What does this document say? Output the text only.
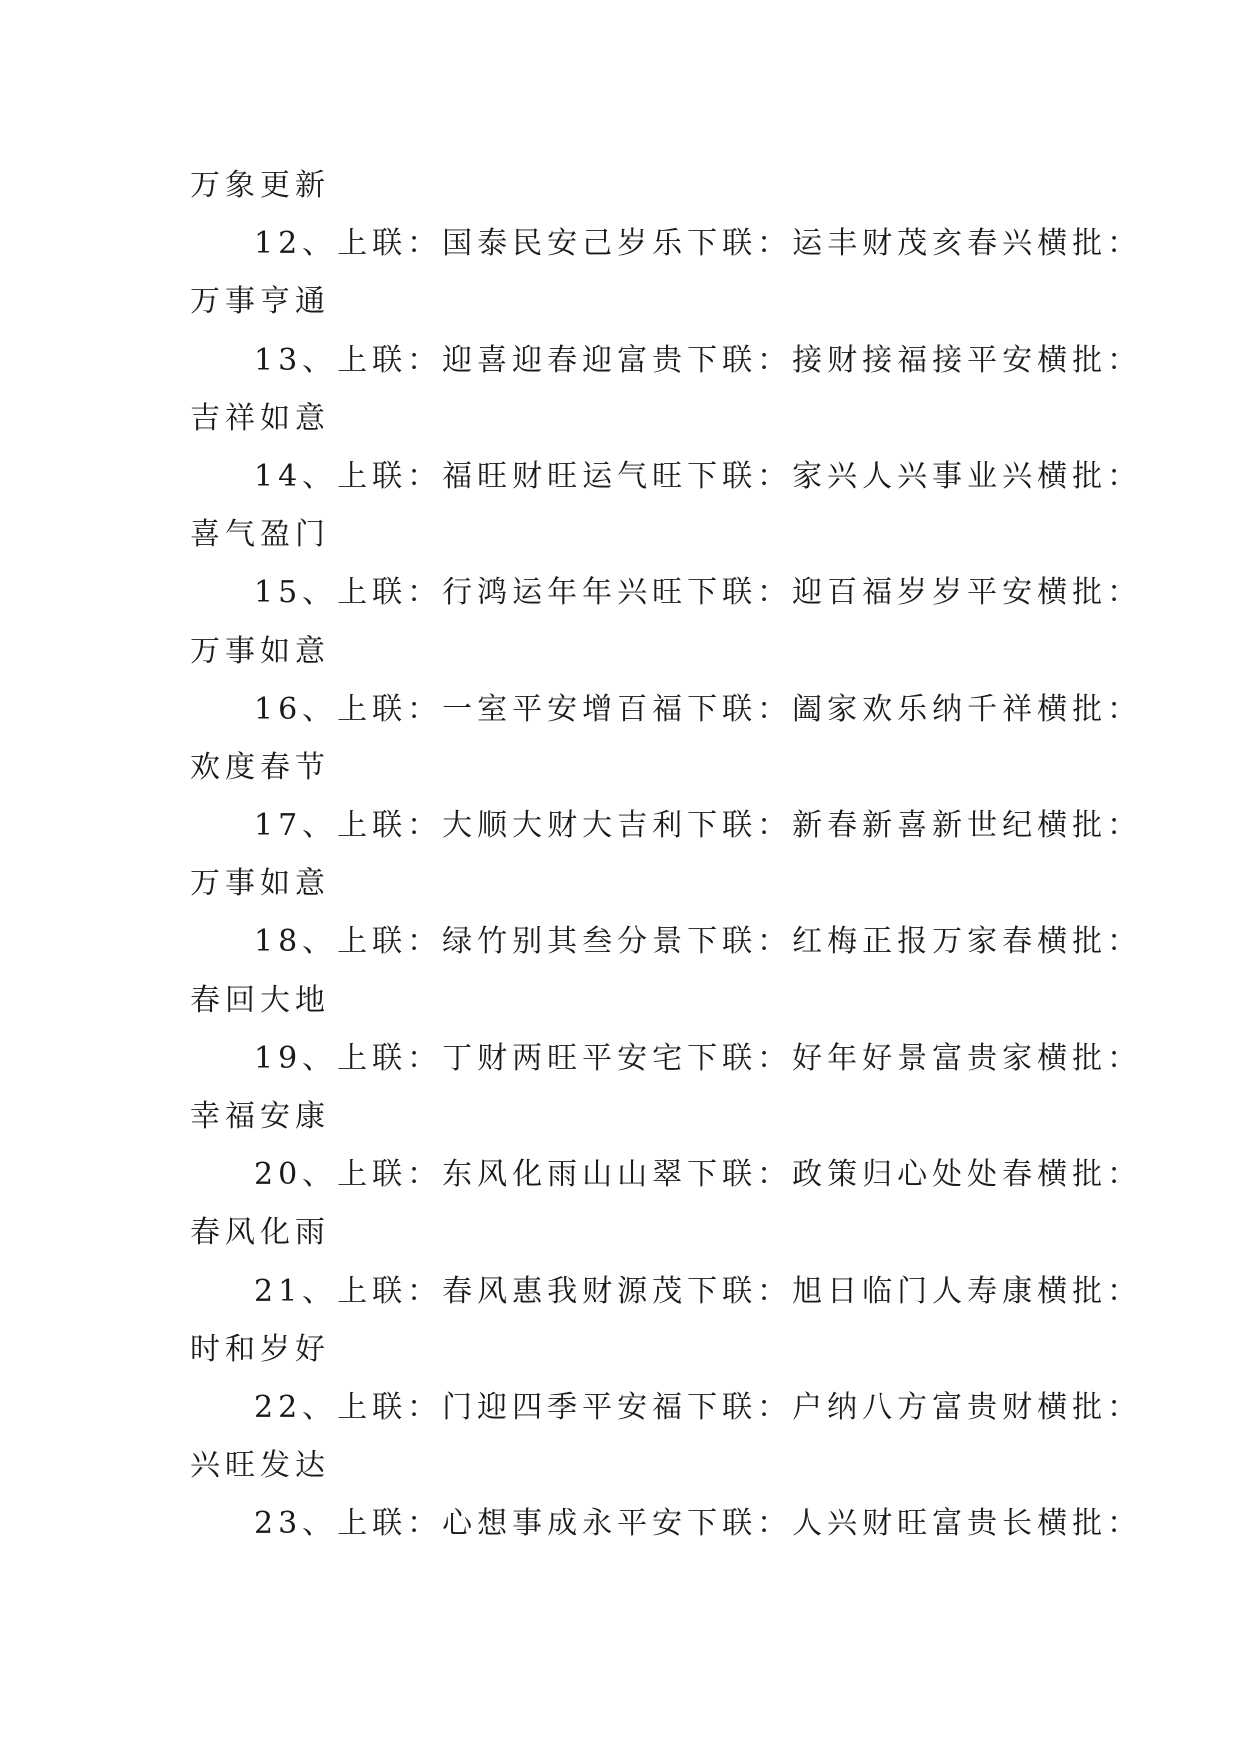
万象更新
12、上联：国泰民安己岁乐下联：运丰财茂亥春兴横批：
万事亨通
13、上联：迎喜迎春迎富贵下联：接财接福接平安横批：
吉祥如意
14、上联：福旺财旺运气旺下联：家兴人兴事业兴横批：
喜气盈门
15、上联：行鸿运年年兴旺下联：迎百福岁岁平安横批：
万事如意
16、上联：一室平安增百福下联：阖家欢乐纳千祥横批：
欢度春节
17、上联：大顺大财大吉利下联：新春新喜新世纪横批：
万事如意
18、上联：绿竹别其叁分景下联：红梅正报万家春横批：
春回大地
19、上联：丁财两旺平安宅下联：好年好景富贵家横批：
幸福安康
20、上联：东风化雨山山翠下联：政策归心处处春横批：
春风化雨
21、上联：春风惠我财源茂下联：旭日临门人寿康横批：
时和岁好
22、上联：门迎四季平安福下联：户纳八方富贵财横批：
兴旺发达
23、上联：心想事成永平安下联：人兴财旺富贵长横批：
